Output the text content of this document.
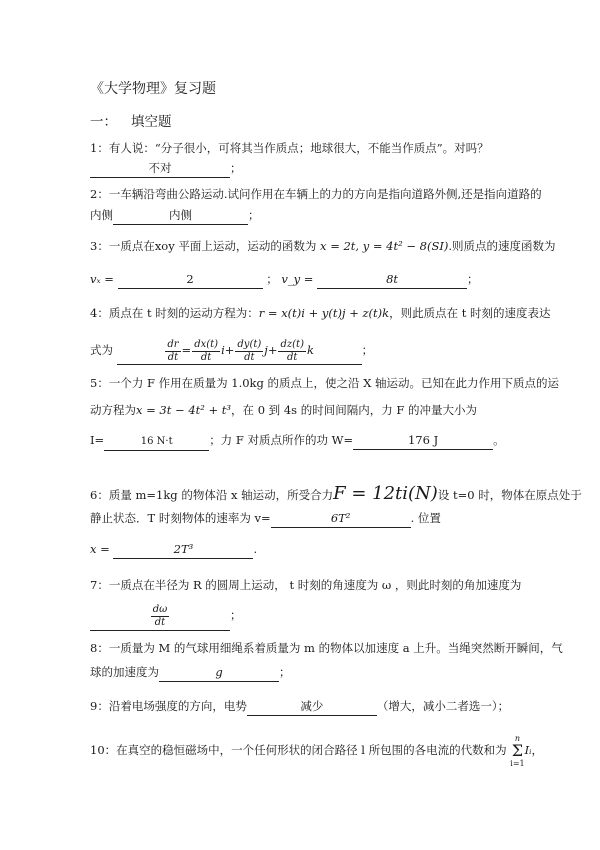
《大学物理》复习题
一： 填空题
1：有人说：“分子很小，可将其当作质点；地球很大，不能当作质点”。对吗？
不对	；
2：一车辆沿弯曲公路运动.试问作用在车辆上的力的方向是指向道路外侧,还是指向道路的
内侧	内侧	；
3：一质点在xoy 平面上运动，运动的函数为 x = 2t, y = 4t² − 8(SI).则质点的速度函数为
vₓ =	2	； v_y =	8t	；
4：质点在 t 时刻的运动方程为：r = x(t)i + y(t)j + z(t)k，则此质点在 t 时刻的速度表达
式为	$\frac{dr}{dt} = \frac{dx(t)}{dt} i+ \frac{dy(t)}{dt} j+ \frac{dz(t)}{dt}$ k	；
5：一个力 F 作用在质量为 1.0kg 的质点上，使之沿 X 轴运动。已知在此力作用下质点的运
动方程为x = 3t − 4t² + t³，在 0 到 4s 的时间间隔内，力 F 的冲量大小为
I=	16 N·t	；力 F 对质点所作的功 W=	176 J	。
6：质量 m=1kg 的物体沿 x 轴运动，所受合力F = 12ti(N)设 t=0 时，物体在原点处于
静止状态．T 时刻物体的速率为 v=	6T²	. 位置
x =	2T³	.
7：一质点在半径为 R 的圆周上运动， t 时刻的角速度为 ω ，则此时刻的角加速度为
$\frac{d\omega}{dt}$	；
8：一质量为 M 的气球用细绳系着质量为 m 的物体以加速度 a 上升。当绳突然断开瞬间，气
球的加速度为	g	；
9：沿着电场强度的方向，电势	减少	（增大，减小二者选一）；
10：在真空的稳恒磁场中，一个任何形状的闭合路径 l 所包围的各电流的代数和为 n
Σ
i=1Iᵢ，
